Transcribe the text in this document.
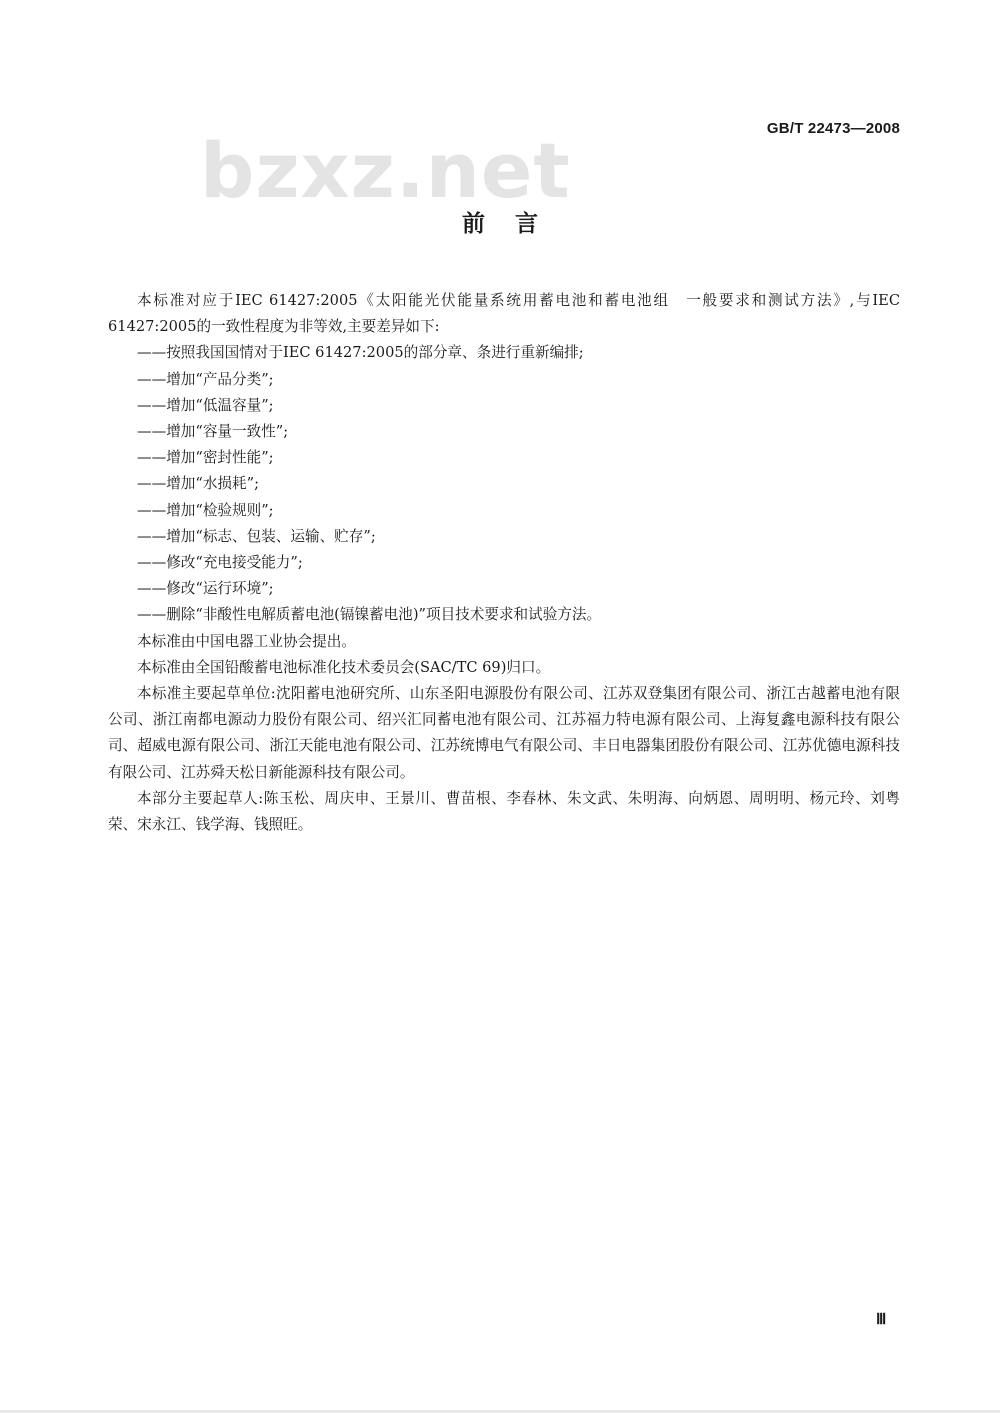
GB/T 22473—2008
bzxz.net
前言

本标准对应于IEC 61427:2005《太阳能光伏能量系统用蓄电池和蓄电池组　一般要求和测试方法》,与IEC 61427:2005的一致性程度为非等效,主要差异如下:

——按照我国国情对于IEC 61427:2005的部分章、条进行重新编排;

——增加“产品分类”;

——增加“低温容量”;

——增加“容量一致性”;

——增加“密封性能”;

——增加“水损耗”;

——增加“检验规则”;

——增加“标志、包装、运输、贮存”;

——修改“充电接受能力”;

——修改“运行环境”;

——删除“非酸性电解质蓄电池(镉镍蓄电池)”项目技术要求和试验方法。

本标准由中国电器工业协会提出。

本标准由全国铅酸蓄电池标准化技术委员会(SAC/TC 69)归口。

本标准主要起草单位:沈阳蓄电池研究所、山东圣阳电源股份有限公司、江苏双登集团有限公司、浙江古越蓄电池有限公司、浙江南都电源动力股份有限公司、绍兴汇同蓄电池有限公司、江苏福力特电源有限公司、上海复鑫电源科技有限公司、超威电源有限公司、浙江天能电池有限公司、江苏统博电气有限公司、丰日电器集团股份有限公司、江苏优德电源科技有限公司、江苏舜天松日新能源科技有限公司。

本部分主要起草人:陈玉松、周庆申、王景川、曹苗根、李春林、朱文武、朱明海、向炳恩、周明明、杨元玲、刘粤荣、宋永江、钱学海、钱照旺。

Ⅲ
